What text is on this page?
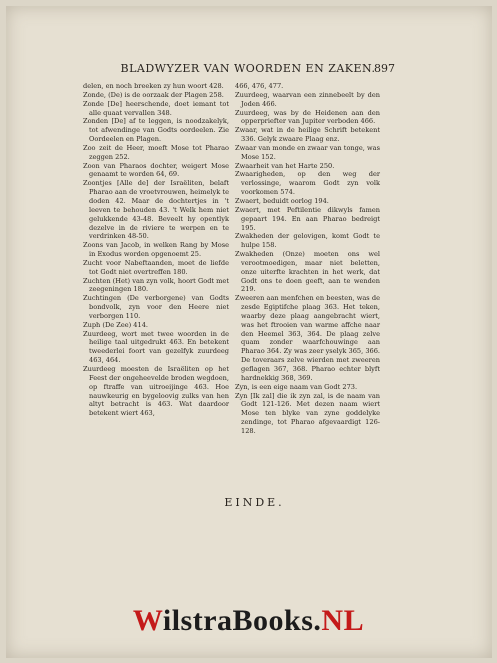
BLADWYZER VAN WOORDEN EN ZAKEN.
897
delen, en noch breeken zy hun woort 428.
Zonde, (De) is de oorzaak der Plagen 258.
Zonde [De] heerschende, doet iemant tot alle quaat vervallen 348.
Zonden [De] af te leggen, is noodzakelyk, tot afwendinge van Godts oordeelen. Zie Oordeelen en Plagen.
Zoo zeit de Heer, moeft Mose tot Pharao zeggen 252.
Zoon van Pharaos dochter, weigert Mose genaamt te worden 64, 69.
Zoontjes [Alle de] der Israëliten, belaft Pharao aan de vroetvrouwen, heimelyk te doden 42. Maar de dochtertjes in 't leeven te behouden 43. 't Welk hem niet gelukkende 43-48. Beveelt hy opentlyk dezelve in de riviere te werpen en te verdrinken 48-50.
Zoons van Jacob, in welken Rang by Mose in Exodus worden opgenoemt 25.
Zucht voor Nabeftaanden, moet de liefde tot Godt niet overtreffen 180.
Zuchten (Het) van zyn volk, hoort Godt met zeegeningen 180.
Zuchtingen (De verborgene) van Godts bondvolk, zyn voor den Heere niet verborgen 110.
Zuph (De Zee) 414.
Zuurdeeg, wort met twee woorden in de heilige taal uitgedrukt 463. En betekent tweederlei foort van gezelfyk zuurdeeg 463, 464.
Zuurdeeg moesten de Israëliten op het Feest der ongeheevelde broden wegdoen, op ftraffe van uitroeijinge 463. Hoe nauwkeurig en bygeloovig zulks van hen altyt betracht is 463. Wat daardoor betekent wiert 463,
466, 476, 477.
Zuurdeeg, waarvan een zinnebeelt by den Joden 466.
Zuurdeeg, was by de Heidenen aan den opperpriefter van Jupiter verboden 466.
Zwaar, wat in de heilige Schrift betekent 336. Gelyk zwaare Plaag enz.
Zwaar van monde en zwaar van tonge, was Mose 152.
Zwaarheit van het Harte 250.
Zwaarigheden, op den weg der verlossinge, waarom Godt zyn volk voorkomen 574.
Zwaert, beduidt oorlog 194.
Zwaert, met Peftilentie dikwyls famen gepaart 194. En aan Pharao bedreigt 195.
Zwakheden der gelovigen, komt Godt te hulpe 158.
Zwakheden (Onze) moeten ons wel verootmoedigen, maar niet beletten, onze uiterfte krachten in het werk, dat Godt ons te doen geeft, aan te wenden 219.
Zweeren aan menfchen en beesten, was de zesde Egiptifche plaag 363. Het teken, waarby deze plaag aangebracht wiert, was het ftrooien van warme affche naar den Heemel 363, 364. De plaag zelve quam zonder waarfchouwinge aan Pharao 364. Zy was zeer yselyk 365, 366. De toveraars zelve wierden met zweeren geflagen 367, 368. Pharao echter blyft hardnekkig 368, 369.
Zyn, is een eige naam van Godt 273.
Zyn [Ik zal] die ik zyn zal, is de naam van Godt 121-126. Met dezen naam wiert Mose ten blyke van zyne goddelyke zendinge, tot Pharao afgevaardigt 126-128.
EINDE.
WilstraBooks.NL
